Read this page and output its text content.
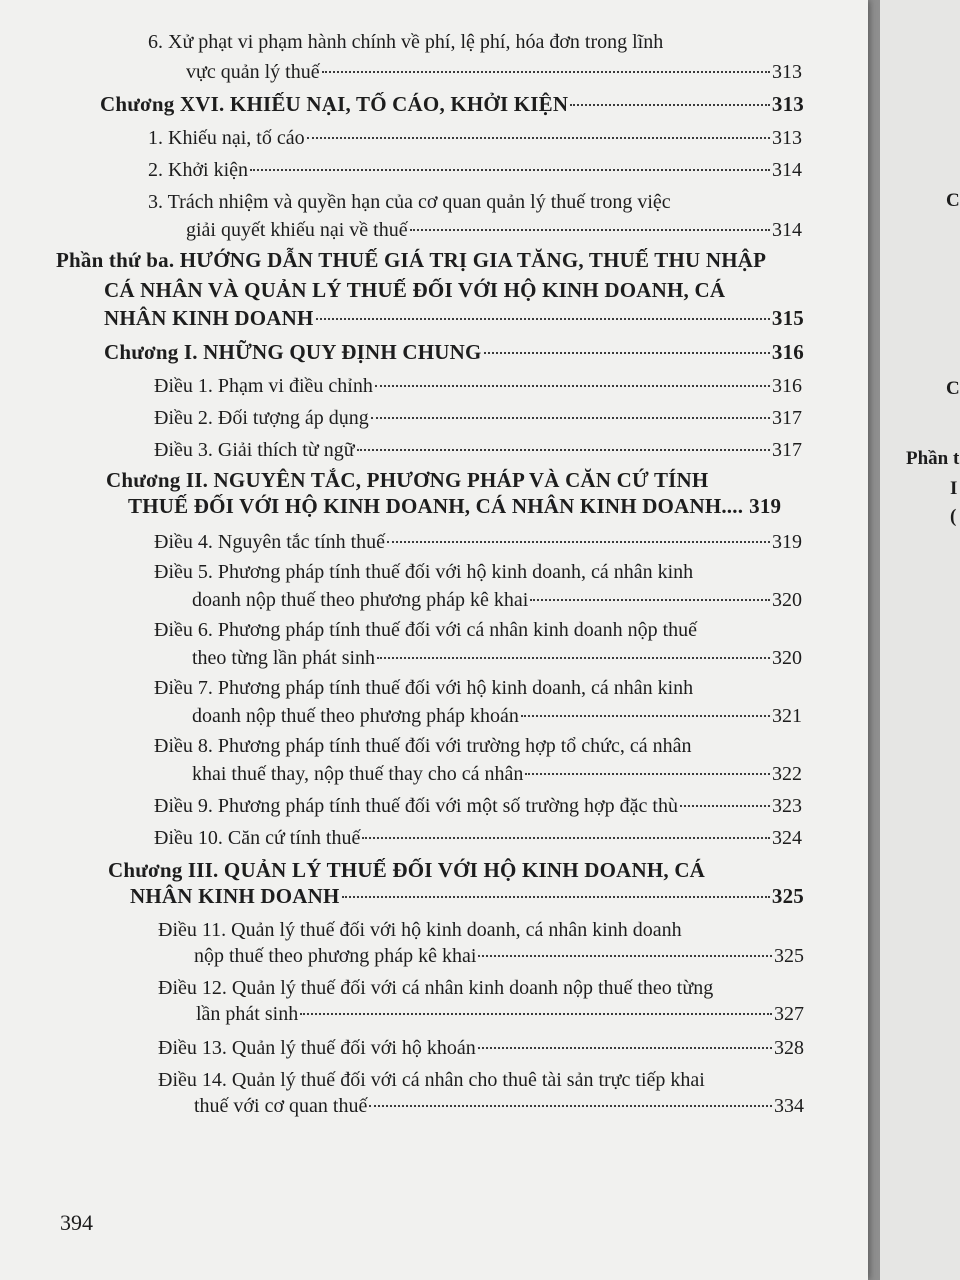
6. Xử phạt vi phạm hành chính về phí, lệ phí, hóa đơn trong lĩnh
vực quản lý thuế	313
Chương XVI. KHIẾU NẠI, TỐ CÁO, KHỞI KIỆN	313
1. Khiếu nại, tố cáo	313
2. Khởi kiện	314
3. Trách nhiệm và quyền hạn của cơ quan quản lý thuế trong việc
giải quyết khiếu nại về thuế	314
Phần thứ ba. HƯỚNG DẪN THUẾ GIÁ TRỊ GIA TĂNG, THUẾ THU NHẬP
CÁ NHÂN VÀ QUẢN LÝ THUẾ ĐỐI VỚI HỘ KINH DOANH, CÁ
NHÂN KINH DOANH	315
Chương I. NHỮNG QUY ĐỊNH CHUNG	316
Điều 1. Phạm vi điều chỉnh	316
Điều 2. Đối tượng áp dụng	317
Điều 3. Giải thích từ ngữ	317
Chương II. NGUYÊN TẮC, PHƯƠNG PHÁP VÀ CĂN CỨ TÍNH
THUẾ ĐỐI VỚI HỘ KINH DOANH, CÁ NHÂN KINH DOANH.... 319
Điều 4. Nguyên tắc tính thuế	319
Điều 5. Phương pháp tính thuế đối với hộ kinh doanh, cá nhân kinh
doanh nộp thuế theo phương pháp kê khai	320
Điều 6. Phương pháp tính thuế đối với cá nhân kinh doanh nộp thuế
theo từng lần phát sinh	320
Điều 7. Phương pháp tính thuế đối với hộ kinh doanh, cá nhân kinh
doanh nộp thuế theo phương pháp khoán	321
Điều 8. Phương pháp tính thuế đối với trường hợp tổ chức, cá nhân
khai thuế thay, nộp thuế thay cho cá nhân	322
Điều 9. Phương pháp tính thuế đối với một số trường hợp đặc thù	323
Điều 10. Căn cứ tính thuế	324
Chương III. QUẢN LÝ THUẾ ĐỐI VỚI HỘ KINH DOANH, CÁ
NHÂN KINH DOANH	325
Điều 11. Quản lý thuế đối với hộ kinh doanh, cá nhân kinh doanh
nộp thuế theo phương pháp kê khai	325
Điều 12. Quản lý thuế đối với cá nhân kinh doanh nộp thuế theo từng
lần phát sinh	327
Điều 13. Quản lý thuế đối với hộ khoán	328
Điều 14. Quản lý thuế đối với cá nhân cho thuê tài sản trực tiếp khai
thuế với cơ quan thuế	334
394
C
C
Phần t
I
(
